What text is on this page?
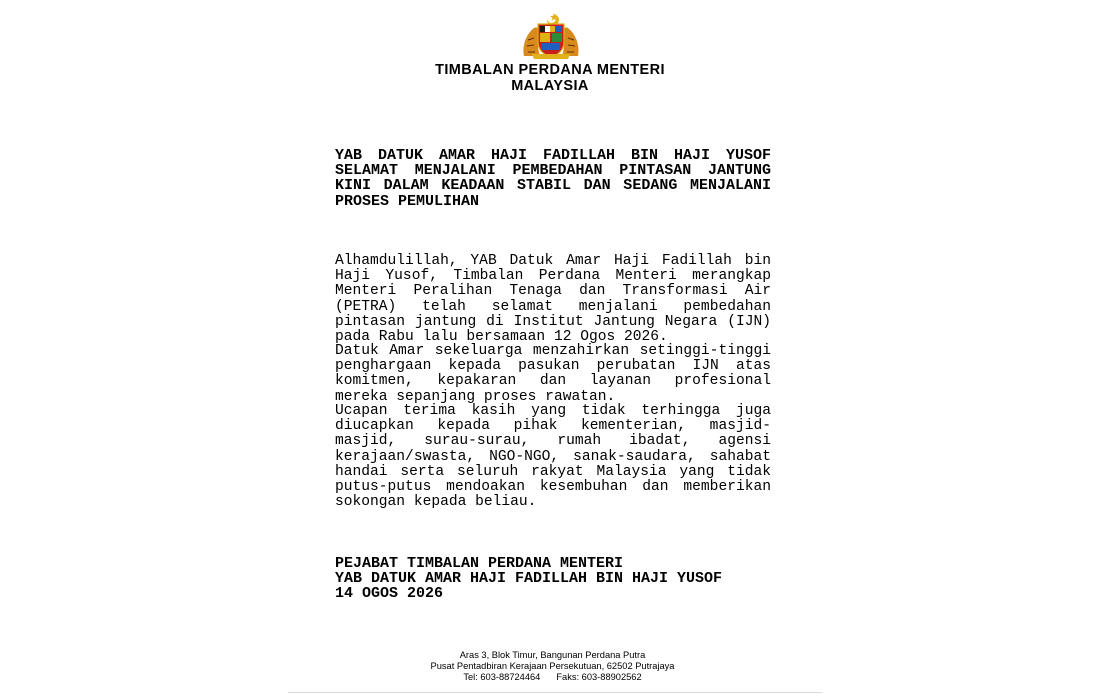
TIMBALAN PERDANA MENTERI
MALAYSIA
YAB DATUK AMAR HAJI FADILLAH BIN HAJI YUSOF SELAMAT MENJALANI PEMBEDAHAN PINTASAN JANTUNG KINI DALAM KEADAAN STABIL DAN SEDANG MENJALANI PROSES PEMULIHAN
Alhamdulillah, YAB Datuk Amar Haji Fadillah bin Haji Yusof, Timbalan Perdana Menteri merangkap Menteri Peralihan Tenaga dan Transformasi Air (PETRA) telah selamat menjalani pembedahan pintasan jantung di Institut Jantung Negara (IJN) pada Rabu lalu bersamaan 12 Ogos 2026.
Datuk Amar sekeluarga menzahirkan setinggi-tinggi penghargaan kepada pasukan perubatan IJN atas komitmen, kepakaran dan layanan profesional mereka sepanjang proses rawatan.
Ucapan terima kasih yang tidak terhingga juga diucapkan kepada pihak kementerian, masjid-masjid, surau-surau, rumah ibadat, agensi kerajaan/swasta, NGO-NGO, sanak-saudara, sahabat handai serta seluruh rakyat Malaysia yang tidak putus-putus mendoakan kesembuhan dan memberikan sokongan kepada beliau.
PEJABAT TIMBALAN PERDANA MENTERI
YAB DATUK AMAR HAJI FADILLAH BIN HAJI YUSOF
14 OGOS 2026
Aras 3, Blok Timur, Bangunan Perdana Putra
Pusat Pentadbiran Kerajaan Persekutuan, 62502 Putrajaya
Tel: 603-88724464 Faks: 603-88902562
